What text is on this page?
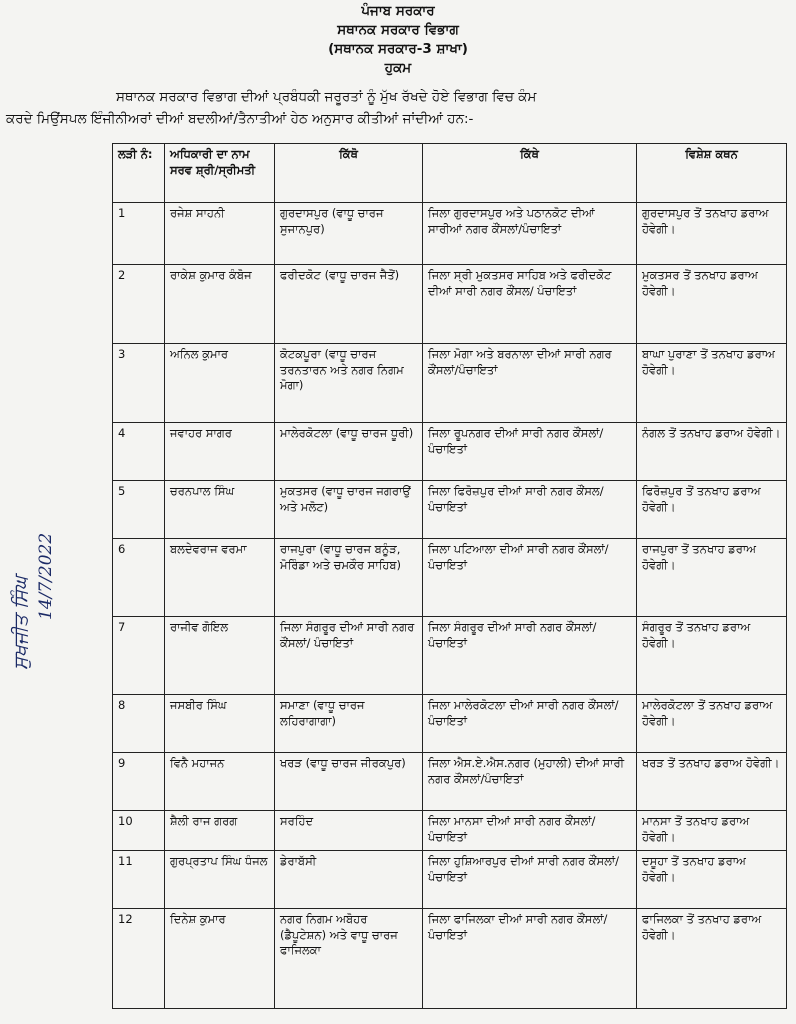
ਪੰਜਾਬ ਸਰਕਾਰ
ਸਥਾਨਕ ਸਰਕਾਰ ਵਿਭਾਗ
(ਸਥਾਨਕ ਸਰਕਾਰ-3 ਸ਼ਾਖਾ)
ਹੁਕਮ
ਸਥਾਨਕ ਸਰਕਾਰ ਵਿਭਾਗ ਦੀਆਂ ਪ੍ਰਬੰਧਕੀ ਜਰੂਰਤਾਂ ਨੂੰ ਮੁੱਖ ਰੱਖਦੇ ਹੋਏ ਵਿਭਾਗ ਵਿਚ ਕੰਮ
ਕਰਦੇ ਮਿਉਂਸਪਲ ਇੰਜੀਨੀਅਰਾਂ ਦੀਆਂ ਬਦਲੀਆਂ/ਤੈਨਾਤੀਆਂ ਹੇਠ ਅਨੁਸਾਰ ਕੀਤੀਆਂ ਜਾਂਦੀਆਂ ਹਨ:-
ਸੁਖਜੀਤ ਸਿੰਘ 14/7/2022
ਲੜੀ ਨੰ:	ਅਧਿਕਾਰੀ ਦਾ ਨਾਮ ਸਰਵ ਸ਼੍ਰੀ/ਸ੍ਰੀਮਤੀ	ਕਿੱਥੋ	ਕਿੱਥੇ	ਵਿਸ਼ੇਸ਼ ਕਥਨ
1	ਰਜੇਸ਼ ਸਾਹਨੀ	ਗੁਰਦਾਸਪੁਰ (ਵਾਧੂ ਚਾਰਜ ਸੁਜਾਨਪੁਰ)	ਜਿਲਾ ਗੁਰਦਾਸਪੁਰ ਅਤੇ ਪਠਾਨਕੋਟ ਦੀਆਂ ਸਾਰੀਆਂ ਨਗਰ ਕੌਂਸਲਾਂ/ਪੰਚਾਇਤਾਂ	ਗੁਰਦਾਸਪੁਰ ਤੋਂ ਤਨਖਾਹ ਡਰਾਅ ਹੋਵੇਗੀ।
2	ਰਾਕੇਸ਼ ਕੁਮਾਰ ਕੰਬੋਜ	ਫਰੀਦਕੋਟ (ਵਾਧੂ ਚਾਰਜ ਜੈਤੋਂ)	ਜਿਲਾ ਸ੍ਰੀ ਮੁਕਤਸਰ ਸਾਹਿਬ ਅਤੇ ਫਰੀਦਕੋਟ ਦੀਆਂ ਸਾਰੀ ਨਗਰ ਕੌਂਸਲ/ ਪੰਚਾਇਤਾਂ	ਮੁਕਤਸਰ ਤੋਂ ਤਨਖਾਹ ਡਰਾਅ ਹੋਵੇਗੀ।
3	ਅਨਿਲ ਕੁਮਾਰ	ਕੋਟਕਪੂਰਾ (ਵਾਧੂ ਚਾਰਜ ਤਰਨਤਾਰਨ ਅਤੇ ਨਗਰ ਨਿਗਮ ਮੋਗਾ)	ਜਿਲਾ ਮੋਗਾ ਅਤੇ ਬਰਨਾਲਾ ਦੀਆਂ ਸਾਰੀ ਨਗਰ ਕੌਂਸਲਾਂ/ਪੰਚਾਇਤਾਂ	ਬਾਘਾ ਪੁਰਾਣਾ ਤੋਂ ਤਨਖਾਹ ਡਰਾਅ ਹੋਵੇਗੀ।
4	ਜਵਾਹਰ ਸਾਗਰ	ਮਾਲੇਰਕੋਟਲਾ (ਵਾਧੂ ਚਾਰਜ ਧੂਰੀ)	ਜਿਲਾ ਰੂਪਨਗਰ ਦੀਆਂ ਸਾਰੀ ਨਗਰ ਕੌਂਸਲਾਂ/ ਪੰਚਾਇਤਾਂ	ਨੰਗਲ ਤੋਂ ਤਨਖਾਹ ਡਰਾਅ ਹੋਵੇਗੀ।
5	ਚਰਨਪਾਲ ਸਿੰਘ	ਮੁਕਤਸਰ (ਵਾਧੂ ਚਾਰਜ ਜਗਰਾਉਂ ਅਤੇ ਮਲੋਟ)	ਜਿਲਾ ਫਿਰੋਜ਼ਪੁਰ ਦੀਆਂ ਸਾਰੀ ਨਗਰ ਕੌਂਸਲ/ ਪੰਚਾਇਤਾਂ	ਫਿਰੋਜ਼ਪੁਰ ਤੋਂ ਤਨਖਾਹ ਡਰਾਅ ਹੋਵੇਗੀ।
6	ਬਲਦੇਵਰਾਜ ਵਰਮਾ	ਰਾਜਪੁਰਾ (ਵਾਧੂ ਚਾਰਜ ਬਨੂੰੜ, ਮੋਰਿੰਡਾ ਅਤੇ ਚਮਕੌਰ ਸਾਹਿਬ)	ਜਿਲਾ ਪਟਿਆਲਾ ਦੀਆਂ ਸਾਰੀ ਨਗਰ ਕੌਂਸਲਾਂ/ ਪੰਚਾਇਤਾਂ	ਰਾਜਪੁਰਾ ਤੋਂ ਤਨਖਾਹ ਡਰਾਅ ਹੋਵੇਗੀ।
7	ਰਾਜੀਵ ਗੋਇਲ	ਜਿਲਾ ਸੰਗਰੂਰ ਦੀਆਂ ਸਾਰੀ ਨਗਰ ਕੌਂਸਲਾਂ/ ਪੰਚਾਇਤਾਂ	ਜਿਲਾ ਸੰਗਰੂਰ ਦੀਆਂ ਸਾਰੀ ਨਗਰ ਕੌਂਸਲਾਂ/ਪੰਚਾਇਤਾਂ	ਸੰਗਰੂਰ ਤੋਂ ਤਨਖਾਹ ਡਰਾਅ ਹੋਵੇਗੀ।
8	ਜਸਬੀਰ ਸਿੰਘ	ਸਮਾਣਾ (ਵਾਧੂ ਚਾਰਜ ਲਹਿਰਾਗਾਗਾ)	ਜਿਲਾ ਮਾਲੇਰਕੋਟਲਾ ਦੀਆਂ ਸਾਰੀ ਨਗਰ ਕੌਂਸਲਾਂ/ ਪੰਚਾਇਤਾਂ	ਮਾਲੇਰਕੋਟਲਾ ਤੋਂ ਤਨਖਾਹ ਡਰਾਅ ਹੋਵੇਗੀ।
9	ਵਿਨੈ ਮਹਾਜਨ	ਖਰੜ (ਵਾਧੂ ਚਾਰਜ ਜੀਰਕਪੁਰ)	ਜਿਲਾ ਐਸ.ਏ.ਐਸ.ਨਗਰ (ਮੁਹਾਲੀ) ਦੀਆਂ ਸਾਰੀ ਨਗਰ ਕੌਂਸਲਾਂ/ਪੰਚਾਇਤਾਂ	ਖਰੜ ਤੋਂ ਤਨਖਾਹ ਡਰਾਅ ਹੋਵੇਗੀ।
10	ਸ਼ੈਲੀ ਰਾਜ ਗਰਗ	ਸਰਹਿੰਦ	ਜਿਲਾ ਮਾਨਸਾ ਦੀਆਂ ਸਾਰੀ ਨਗਰ ਕੌਂਸਲਾਂ/ਪੰਚਾਇਤਾਂ	ਮਾਨਸਾ ਤੋਂ ਤਨਖਾਹ ਡਰਾਅ ਹੋਵੇਗੀ।
11	ਗੁਰਪ੍ਰਤਾਪ ਸਿੰਘ ਧੰਜਲ	ਡੇਰਾਬੱਸੀ	ਜਿਲਾ ਹੁਸ਼ਿਆਰਪੁਰ ਦੀਆਂ ਸਾਰੀ ਨਗਰ ਕੌਂਸਲਾਂ/ ਪੰਚਾਇਤਾਂ	ਦਸੂਹਾ ਤੋਂ ਤਨਖਾਹ ਡਰਾਅ ਹੋਵੇਗੀ।
12	ਦਿਨੇਸ਼ ਕੁਮਾਰ	ਨਗਰ ਨਿਗਮ ਅਬੋਹਰ (ਡੈਪੂਟੇਸ਼ਨ) ਅਤੇ ਵਾਧੂ ਚਾਰਜ ਫਾਜਿਲਕਾ	ਜਿਲਾ ਫਾਜਿਲਕਾ ਦੀਆਂ ਸਾਰੀ ਨਗਰ ਕੌਂਸਲਾਂ/ ਪੰਚਾਇਤਾਂ	ਫਾਜਿਲਕਾ ਤੋਂ ਤਨਖਾਹ ਡਰਾਅ ਹੋਵੇਗੀ।
